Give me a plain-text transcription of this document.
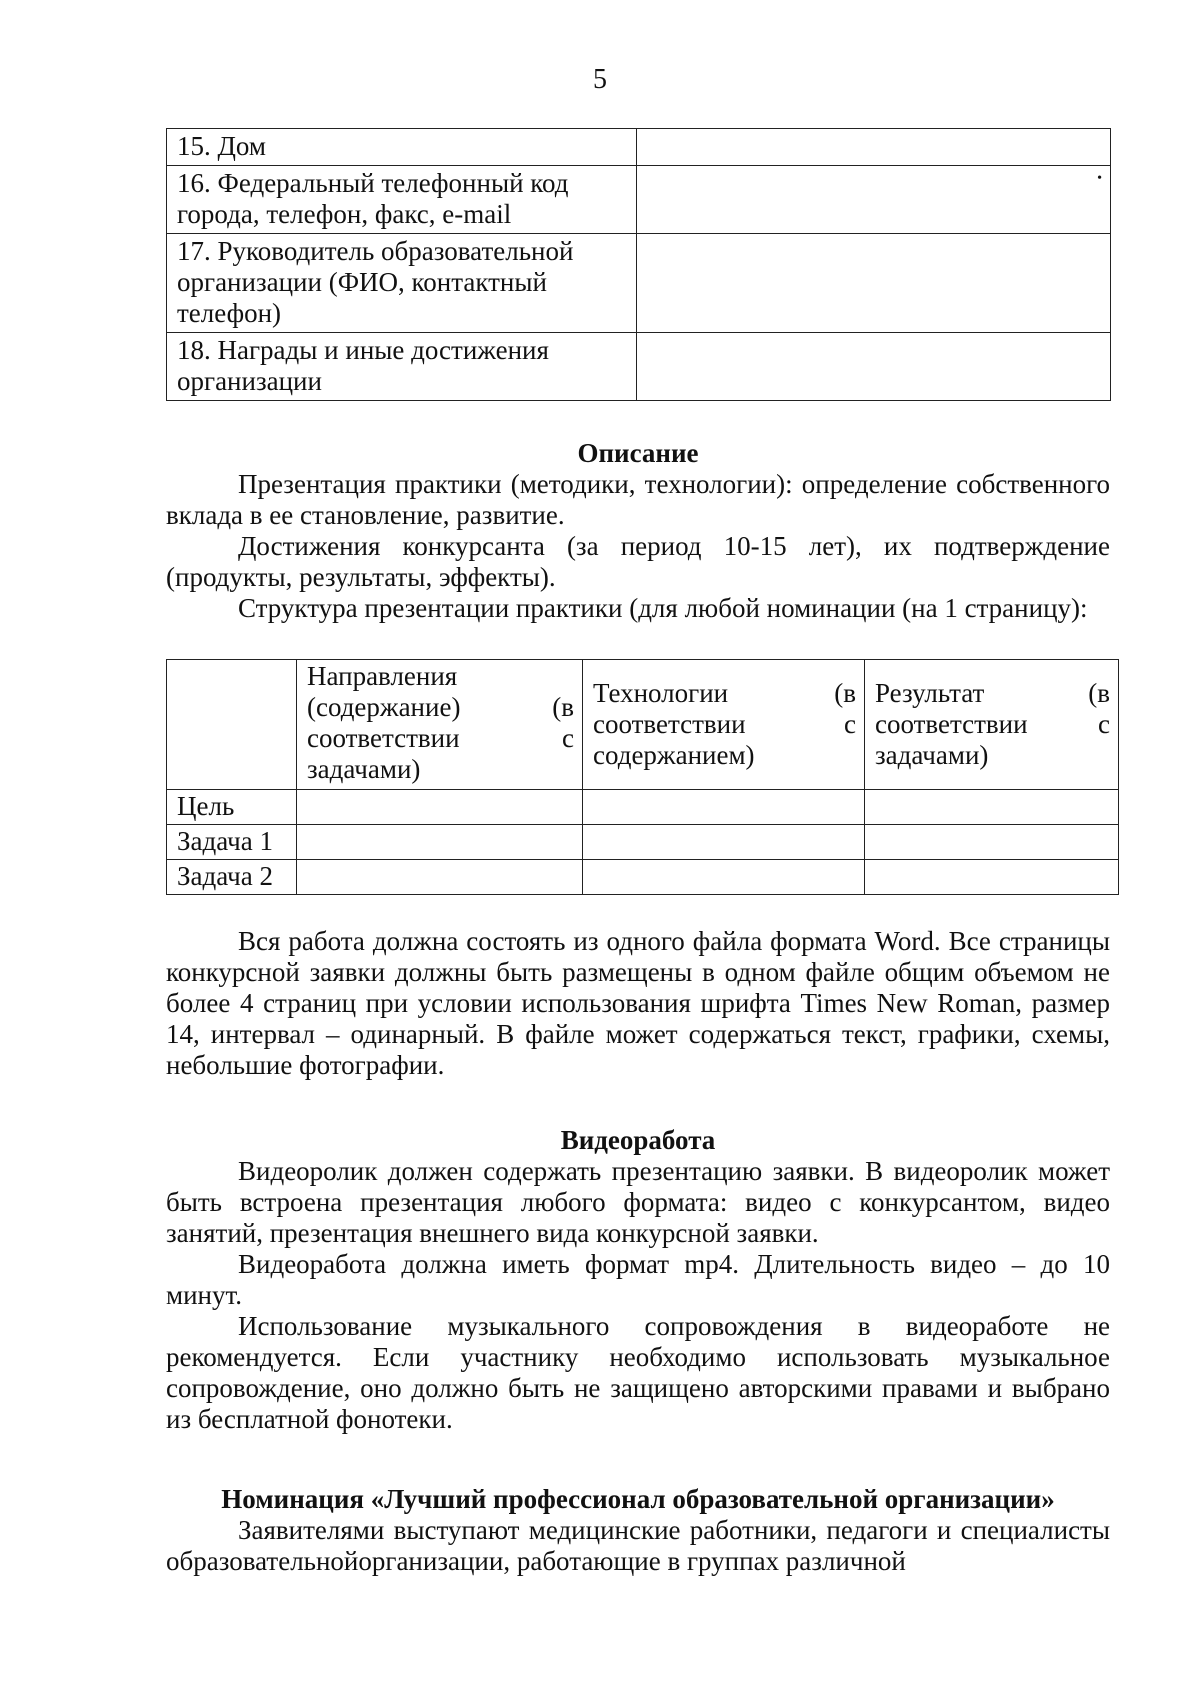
5
15. Дом	
16. Федеральный телефонный код города, телефон, факс, e-mail	•

17. Руководитель образовательной организации (ФИО, контактный телефон)	
18. Награды и иные достижения организации	
Описание

Презентация практики (методики, технологии): определение собственного вклада в ее становление, развитие.

Достижения конкурсанта (за период 10-15 лет), их подтверждение (продукты, результаты, эффекты).

Структура презентации практики (для любой номинации (на 1 страницу):

	Направления (содержание) (в соответствии с задачами)	Технологии (в соответствии с содержанием)	Результат (в соответствии с задачами)
Цель			
Задача 1			
Задача 2			

Вся работа должна состоять из одного файла формата Word. Все страницы конкурсной заявки должны быть размещены в одном файле общим объемом не более 4 страниц при условии использования шрифта Times New Roman, размер 14, интервал – одинарный. В файле может содержаться текст, графики, схемы, небольшие фотографии.

Видеоработа

Видеоролик должен содержать презентацию заявки. В видеоролик может быть встроена презентация любого формата: видео с конкурсантом, видео занятий, презентация внешнего вида конкурсной заявки.

Видеоработа должна иметь формат mp4. Длительность видео – до 10 минут.

Использование музыкального сопровождения в видеоработе не рекомендуется. Если участнику необходимо использовать музыкальное сопровождение, оно должно быть не защищено авторскими правами и выбрано из бесплатной фонотеки.

Номинация «Лучший профессионал образовательной организации»

Заявителями выступают медицинские работники, педагоги и специалисты образовательнойорганизации, работающие в группах различной
